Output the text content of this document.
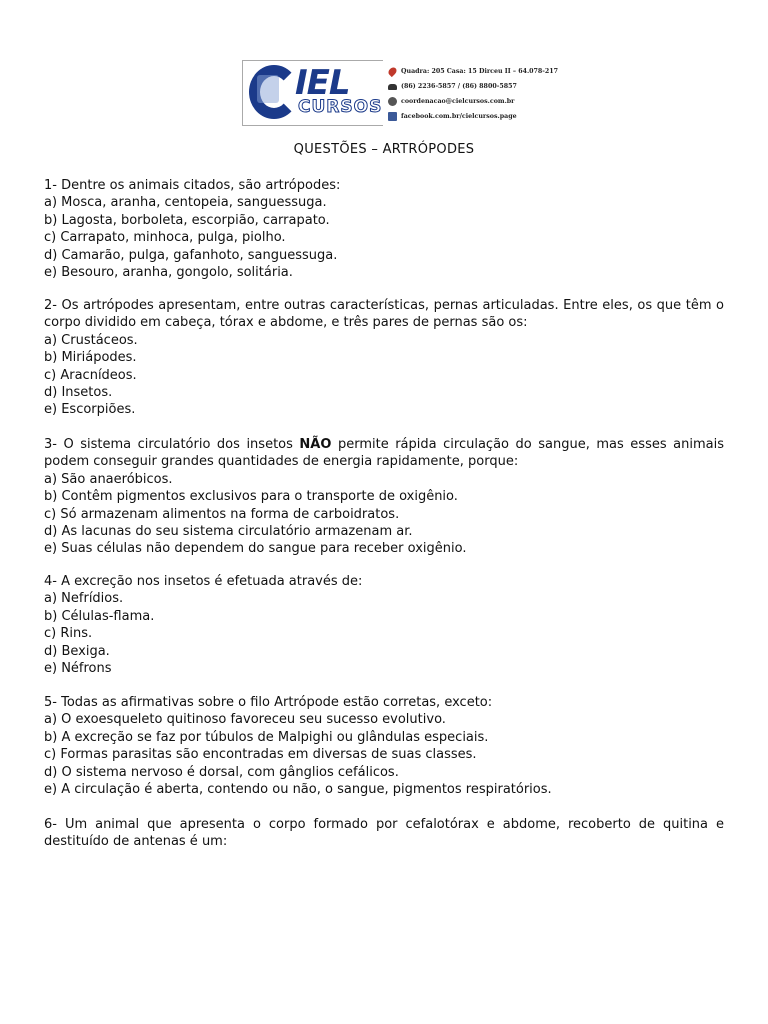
IEL
CURSOS
Quadra: 205 Casa: 15 Dirceu II – 64.078-217
(86) 2236-5857 / (86) 8800-5857
coordenacao@cielcursos.com.br
facebook.com.br/cielcursos.page
QUESTÕES – ARTRÓPODES
1- Dentre os animais citados, são artrópodes:
a) Mosca, aranha, centopeia, sanguessuga.
b) Lagosta, borboleta, escorpião, carrapato.
c) Carrapato, minhoca, pulga, piolho.
d) Camarão, pulga, gafanhoto, sanguessuga.
e) Besouro, aranha, gongolo, solitária.
2- Os artrópodes apresentam, entre outras características, pernas articuladas. Entre eles, os que têm o corpo dividido em cabeça, tórax e abdome, e três pares de pernas são os:
a) Crustáceos.
b) Miriápodes.
c) Aracnídeos.
d) Insetos.
e) Escorpiões.
3- O sistema circulatório dos insetos NÃO permite rápida circulação do sangue, mas esses animais podem conseguir grandes quantidades de energia rapidamente, porque:
a) São anaeróbicos.
b) Contêm pigmentos exclusivos para o transporte de oxigênio.
c) Só armazenam alimentos na forma de carboidratos.
d) As lacunas do seu sistema circulatório armazenam ar.
e) Suas células não dependem do sangue para receber oxigênio.
4- A excreção nos insetos é efetuada através de:
a) Nefrídios.
b) Células-flama.
c) Rins.
d) Bexiga.
e) Néfrons
5- Todas as afirmativas sobre o filo Artrópode estão corretas, exceto:
a) O exoesqueleto quitinoso favoreceu seu sucesso evolutivo.
b) A excreção se faz por túbulos de Malpighi ou glândulas especiais.
c) Formas parasitas são encontradas em diversas de suas classes.
d) O sistema nervoso é dorsal, com gânglios cefálicos.
e) A circulação é aberta, contendo ou não, o sangue, pigmentos respiratórios.
6- Um animal que apresenta o corpo formado por cefalotórax e abdome, recoberto de quitina e destituído de antenas é um:
